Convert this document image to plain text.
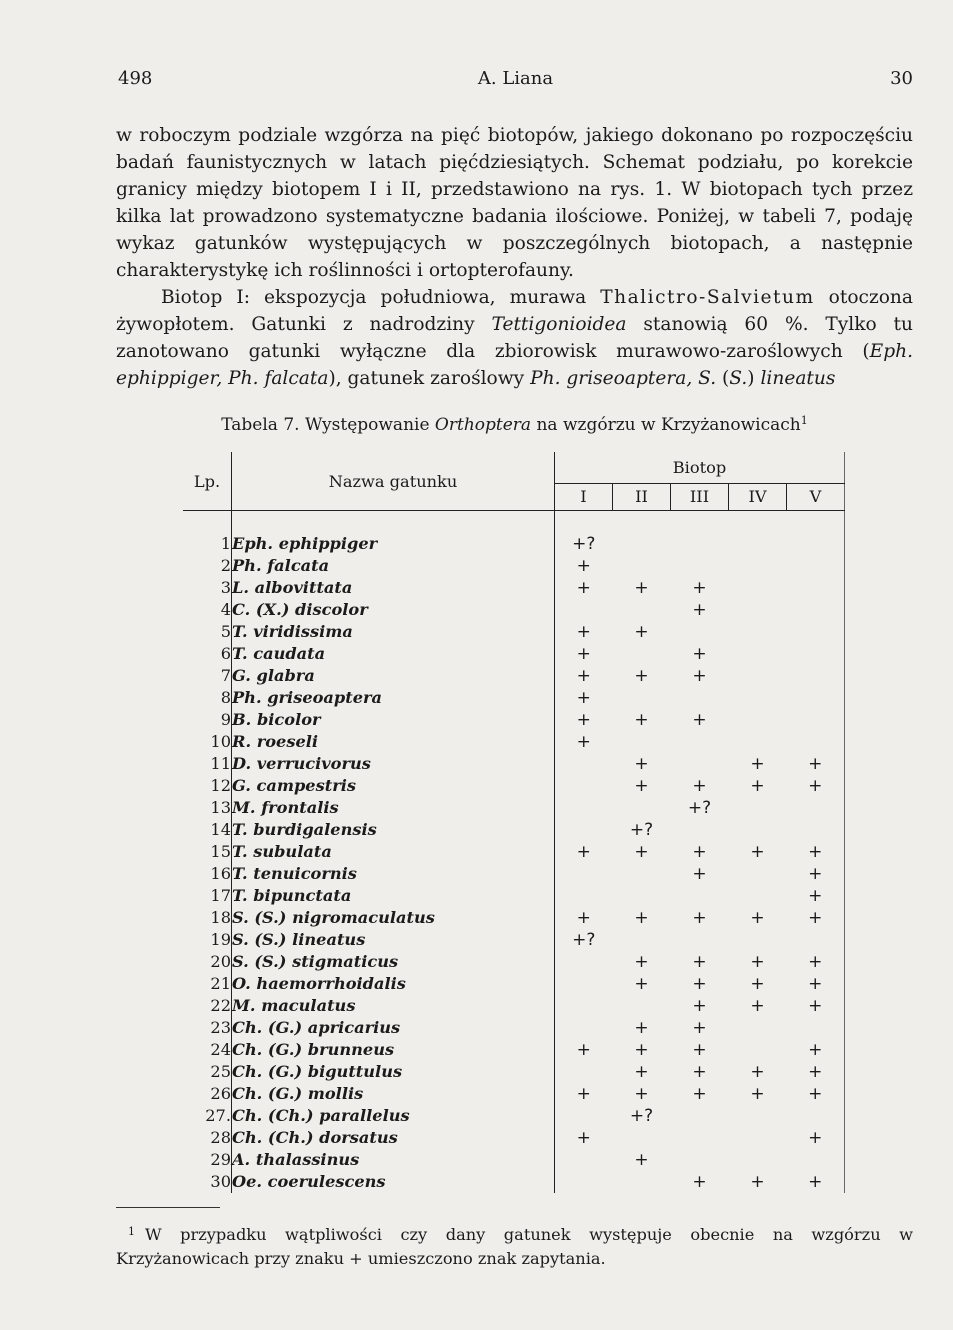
498	A. Liana	30

w roboczym podziale wzgórza na pięć biotopów, jakiego dokonano po rozpoczęściu badań faunistycznych w latach pięćdziesiątych. Schemat podziału, po korekcie granicy między biotopem I i II, przedstawiono na rys. 1. W biotopach tych przez kilka lat prowadzono systematyczne badania ilościowe. Poniżej, w tabeli 7, podaję wykaz gatunków występujących w poszczególnych biotopach, a następnie charakterystykę ich roślinności i ortopterofauny.

Biotop I: ekspozycja południowa, murawa Thalictro-Salvietum otoczona żywopłotem. Gatunki z nadrodziny Tettigonioidea stanowią 60 %. Tylko tu zanotowano gatunki wyłączne dla zbiorowisk murawowo-zaroślowych (Eph. ephippiger, Ph. falcata), gatunek zaroślowy Ph. griseoaptera, S. (S.) lineatus

Tabela 7. Występowanie Orthoptera na wzgórzu w Krzyżanowicach$^1$
Lp.	Nazwa gatunku	Biotop				
		I	II	III	IV	V

1	Eph. ephippiger	+?				
2	Ph. falcata	+				
3	L. albovittata	+	+	+		
4	C. (X.) discolor			+		
5	T. viridissima	+	+			
6	T. caudata	+		+		
7	G. glabra	+	+	+		
8	Ph. griseoaptera	+				
9	B. bicolor	+	+	+		
10	R. roeseli	+				
11	D. verrucivorus		+		+	+
12	G. campestris		+	+	+	+
13	M. frontalis			+?		
14	T. burdigalensis		+?			
15	T. subulata	+	+	+	+	+
16	T. tenuicornis			+		+
17	T. bipunctata					+
18	S. (S.) nigromaculatus	+	+	+	+	+
19	S. (S.) lineatus	+?				
20	S. (S.) stigmaticus		+	+	+	+
21	O. haemorrhoidalis		+	+	+	+
22	M. maculatus			+	+	+
23	Ch. (G.) apricarius		+	+		
24	Ch. (G.) brunneus	+	+	+		+
25	Ch. (G.) biguttulus		+	+	+	+
26	Ch. (G.) mollis	+	+	+	+	+
27.	Ch. (Ch.) parallelus		+?			
28	Ch. (Ch.) dorsatus	+				+
29	A. thalassinus		+			
30	Oe. coerulescens			+	+	+
$^1$ W przypadku wątpliwości czy dany gatunek występuje obecnie na wzgórzu w Krzyżanowicach przy znaku + umieszczono znak zapytania.
